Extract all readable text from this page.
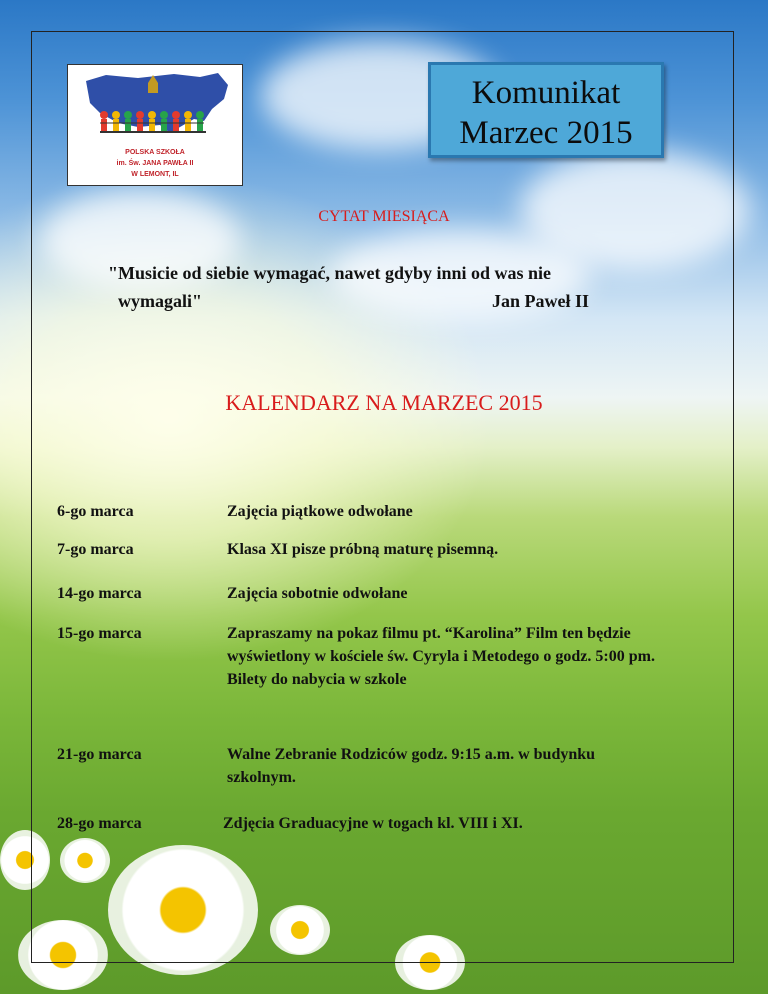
POLSKA SZKOŁA
im. Św. JANA PAWŁA II
W LEMONT, IL
Komunikat
Marzec 2015
CYTAT MIESIĄCA
"Musicie od siebie wymagać, nawet gdyby inni od was nie
wymagali"	Jan Paweł II
KALENDARZ NA MARZEC 2015
6-go marca	Zajęcia piątkowe odwołane
7-go marca	Klasa XI pisze próbną maturę pisemną.
14-go marca	Zajęcia sobotnie odwołane
15-go marca	Zapraszamy na pokaz filmu pt. “Karolina” Film ten będzie wyświetlony w kościele św. Cyryla i Metodego o godz. 5:00 pm. Bilety do nabycia w szkole
21-go marca	Walne Zebranie Rodziców godz. 9:15 a.m. w budynku szkolnym.
28-go marca	Zdjęcia Graduacyjne w togach kl. VIII i XI.
